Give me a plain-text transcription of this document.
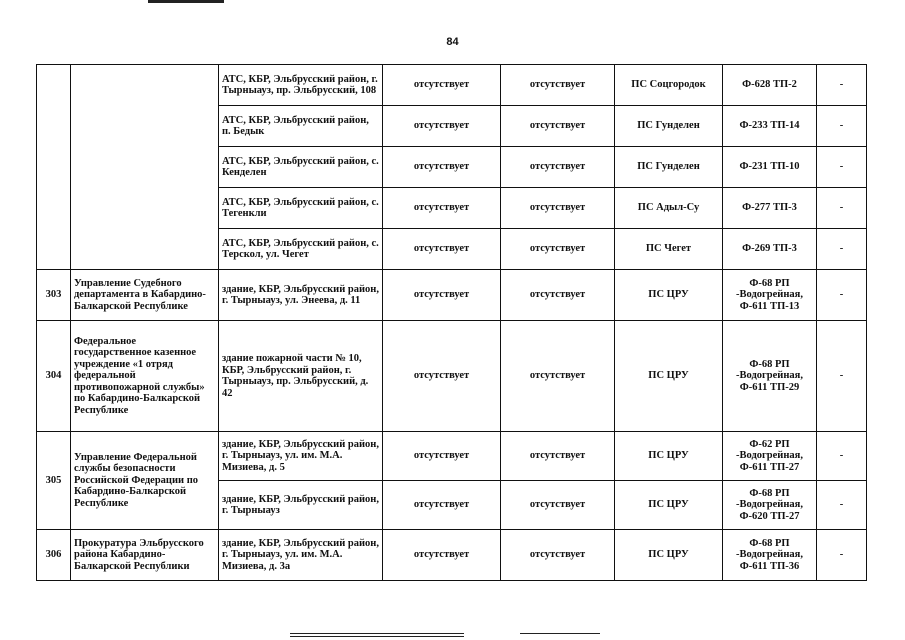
84
		АТС, КБР, Эльбрусский район, г. Тырныауз, пр. Эльбрусский, 108	отсутствует	отсутствует	ПС Соцгородок	Ф-628 ТП-2	-
		АТС, КБР, Эльбрусский район, п. Бедык	отсутствует	отсутствует	ПС Гунделен	Ф-233 ТП-14	-
		АТС, КБР, Эльбрусский район, с. Кенделен	отсутствует	отсутствует	ПС Гунделен	Ф-231 ТП-10	-
		АТС, КБР, Эльбрусский район, с. Тегенкли	отсутствует	отсутствует	ПС Адыл-Су	Ф-277 ТП-3	-
		АТС, КБР, Эльбрусский район, с. Терскол, ул. Чегет	отсутствует	отсутствует	ПС Чегет	Ф-269 ТП-3	-
303	Управление Судебного департамента в Кабардино-Балкарской Республике	здание, КБР, Эльбрусский район, г. Тырныауз, ул. Энеева, д. 11	отсутствует	отсутствует	ПС ЦРУ	Ф-68 РП -Водогрейная, Ф-611 ТП-13	-
304	Федеральное государственное казенное учреждение «1 отряд федеральной противопожарной службы» по Кабардино-Балкарской Республике	здание пожарной части № 10, КБР, Эльбрусский район, г. Тырныауз, пр. Эльбрусский, д. 42	отсутствует	отсутствует	ПС ЦРУ	Ф-68 РП -Водогрейная, Ф-611 ТП-29	-
305	Управление Федеральной службы безопасности Российской Федерации по Кабардино-Балкарской Республике	здание, КБР, Эльбрусский район, г. Тырныауз, ул. им. М.А. Мизиева, д. 5	отсутствует	отсутствует	ПС ЦРУ	Ф-62 РП -Водогрейная, Ф-611 ТП-27	-
		здание, КБР, Эльбрусский район, г. Тырныауз	отсутствует	отсутствует	ПС ЦРУ	Ф-68 РП -Водогрейная, Ф-620 ТП-27	-
306	Прокуратура Эльбрусского района Кабардино-Балкарской Республики	здание, КБР, Эльбрусский район, г. Тырныауз, ул. им. М.А. Мизиева, д. 3а	отсутствует	отсутствует	ПС ЦРУ	Ф-68 РП -Водогрейная, Ф-611 ТП-36	-
